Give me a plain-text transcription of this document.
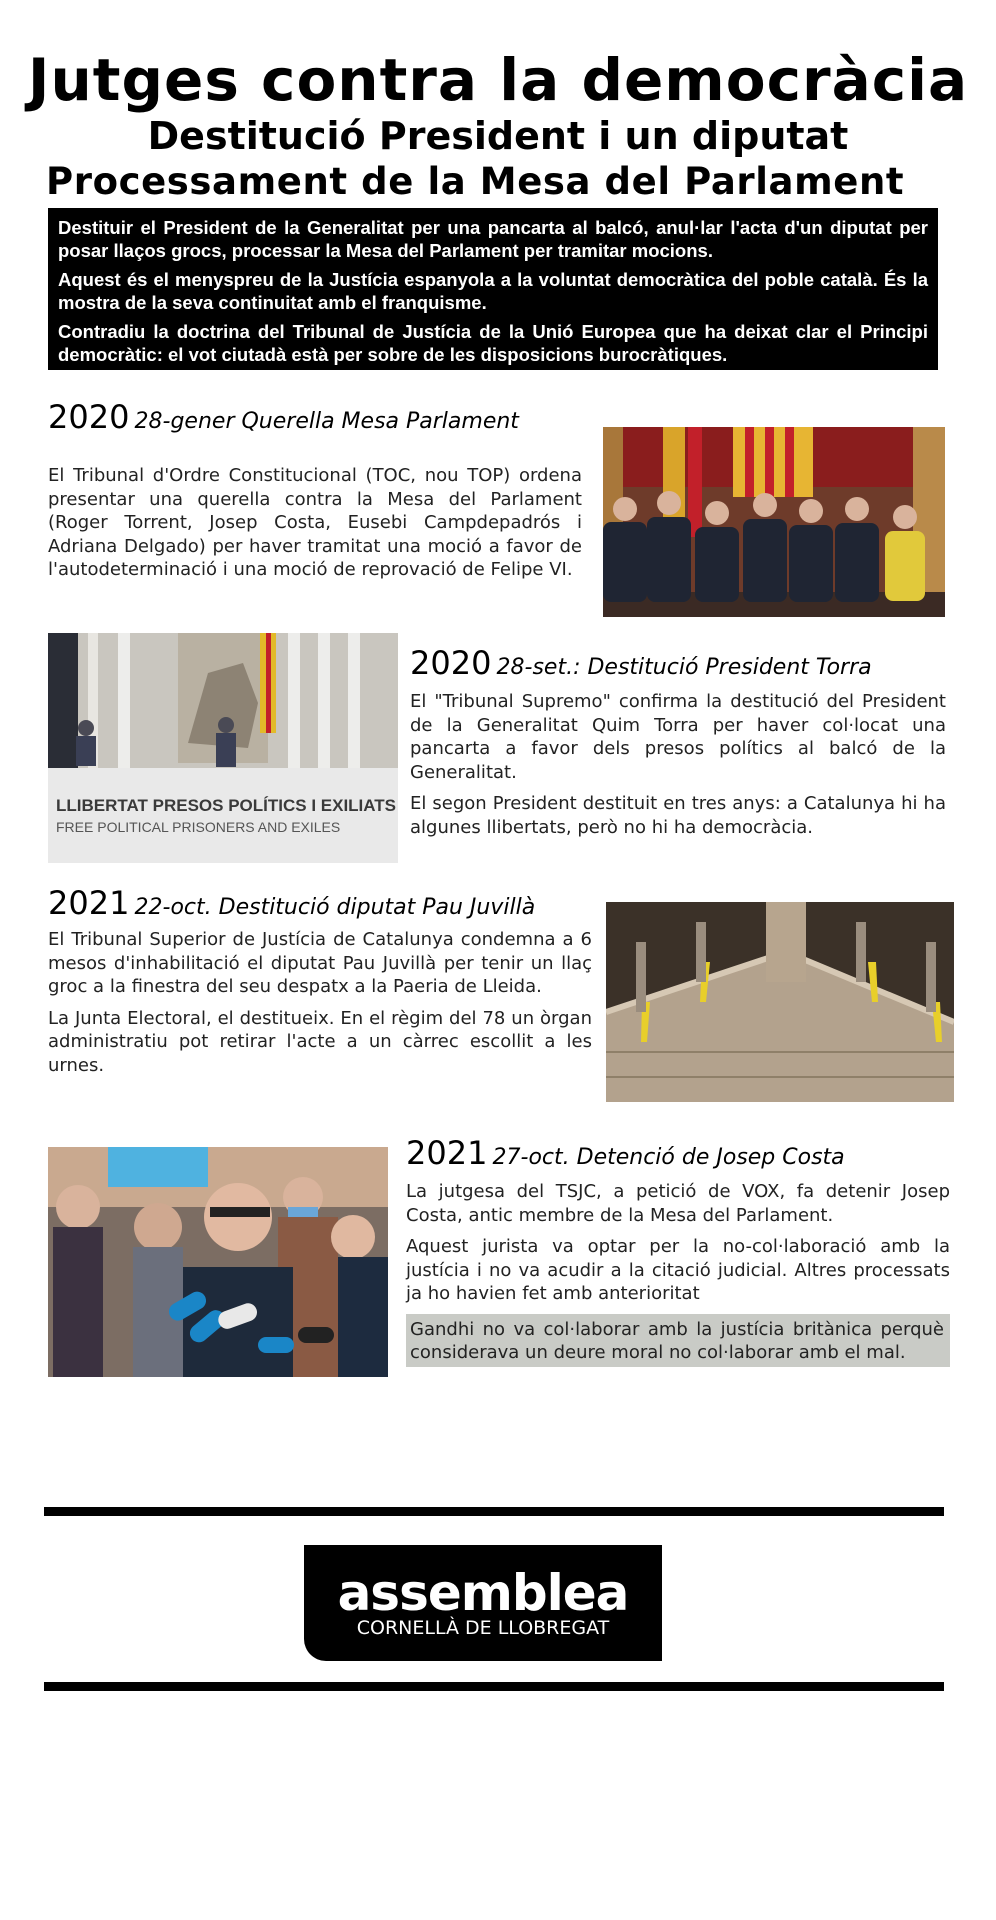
Jutges contra la democràcia
Destitució President i un diputat
Processament de la Mesa del Parlament

Destituir el President de la Generalitat per una pancarta al balcó, anul·lar l'acta d'un diputat per posar llaços grocs, processar la Mesa del Parlament per tramitar mocions.

Aquest és el menyspreu de la Justícia espanyola a la voluntat democràtica del poble català. És la mostra de la seva continuitat amb el franquisme.

Contradiu la doctrina del Tribunal de Justícia de la Unió Europea que ha deixat clar el Principi democràtic: el vot ciutadà està per sobre de les disposicions burocràtiques.

2020 28-gener Querella Mesa Parlament

El Tribunal d'Ordre Constitucional (TOC, nou TOP) ordena presentar una querella contra la Mesa del Parlament (Roger Torrent, Josep Costa, Eusebi Campdepadrós i Adriana Delgado) per haver tramitat una moció a favor de l'autodeterminació i una moció de reprovació de Felipe VI.

LLIBERTAT PRESOS POLÍTICS I EXILIATS
FREE POLITICAL PRISONERS AND EXILES
2020 28-set.: Destitució President Torra

El "Tribunal Supremo" confirma la destitució del President de la Generalitat Quim Torra per haver col·locat una pancarta a favor dels presos polítics al balcó de la Generalitat.

El segon President destituit en tres anys: a Catalunya hi ha algunes llibertats, però no hi ha democràcia.

2021 22-oct. Destitució diputat Pau Juvillà

El Tribunal Superior de Justícia de Catalunya condemna a 6 mesos d'inhabilitació el diputat Pau Juvillà per tenir un llaç groc a la finestra del seu despatx a la Paeria de Lleida.

La Junta Electoral, el destitueix. En el règim del 78 un òrgan administratiu pot retirar l'acte a un càrrec escollit a les urnes.

2021 27-oct. Detenció de Josep Costa

La jutgesa del TSJC, a petició de VOX, fa detenir Josep Costa, antic membre de la Mesa del Parlament.

Aquest jurista va optar per la no-col·laboració amb la justícia i no va acudir a la citació judicial. Altres processats ja ho havien fet amb anterioritat

Gandhi no va col·laborar amb la justícia britànica perquè considerava un deure moral no col·laborar amb el mal.

assemblea
CORNELLÀ DE LLOBREGAT
